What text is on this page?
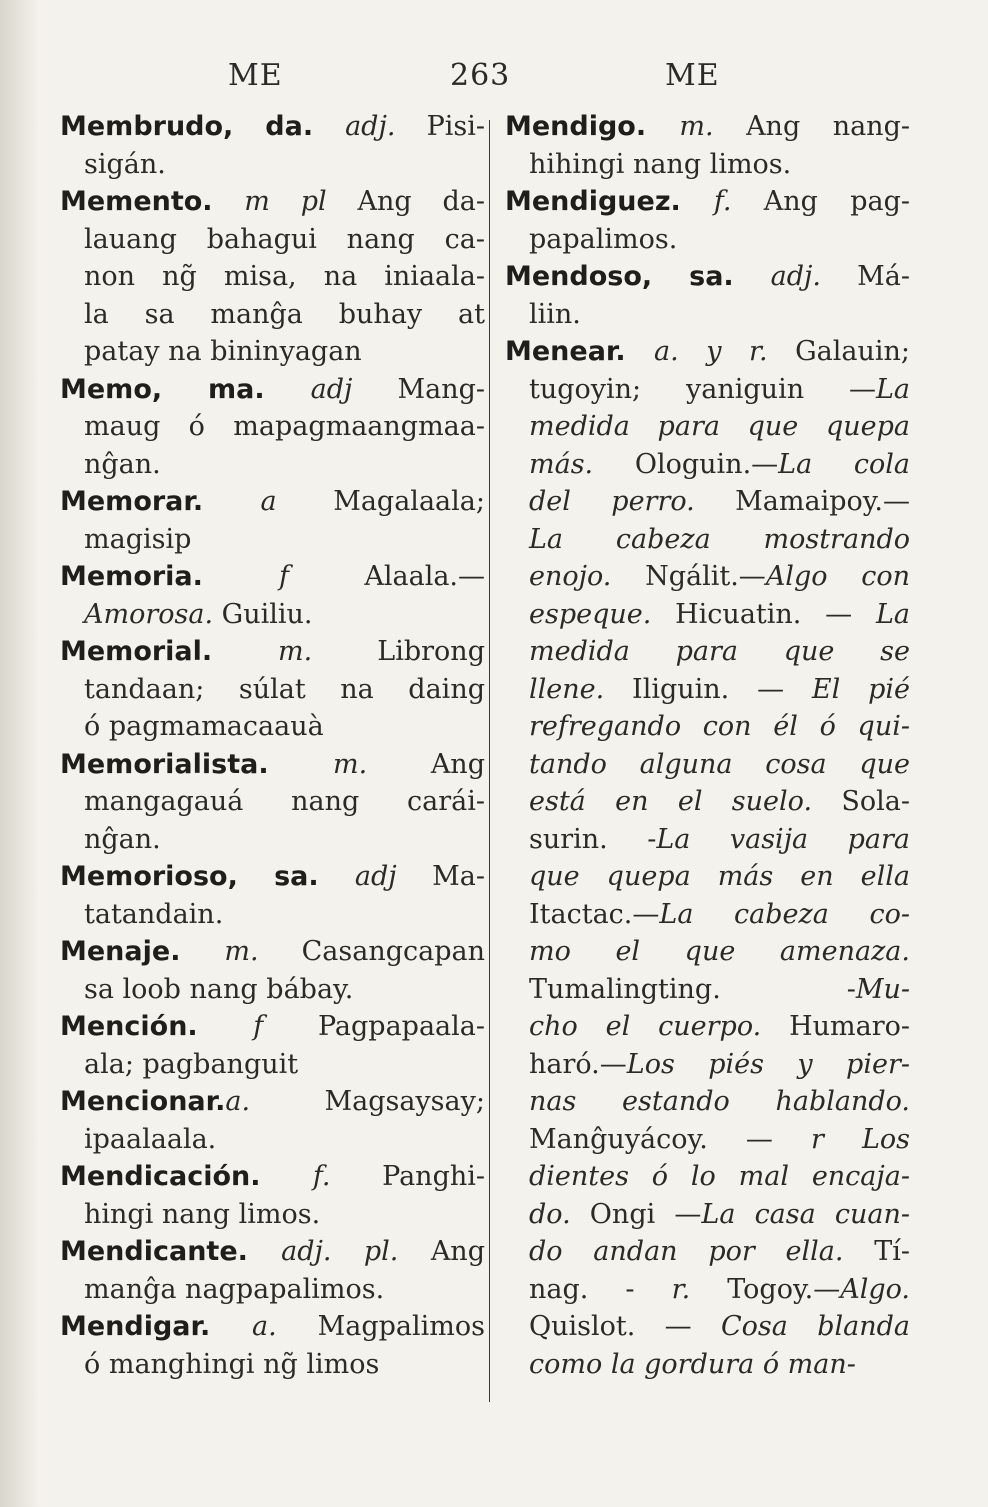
ME	263	ME
Membrudo, da. adj. Pisi-
sigán.
Memento. m pl Ang da-
lauang bahagui nang ca-
non ng̃ misa, na iniaala-
la sa manĝa buhay at
patay na bininyagan
Memo, ma. adj Mang-
maug ó mapagmaangmaa-
nĝan.
Memorar. a Magalaala;
magisip
Memoria. f Alaala.—
Amorosa. Guiliu.
Memorial. m. Librong
tandaan; súlat na daing
ó pagmamacaauà
Memorialista. m. Ang
mangagauá nang carái-
nĝan.
Memorioso, sa. adj Ma-
tatandain.
Menaje. m. Casangcapan
sa loob nang bábay.
Mención. f Pagpapaala-
ala; pagbanguit
Mencionar.a. Magsaysay;
ipaalaala.
Mendicación. f. Panghi-
hingi nang limos.
Mendicante. adj. pl. Ang
manĝa nagpapalimos.
Mendigar. a. Magpalimos
ó manghingi ng̃ limos
Mendigo. m. Ang nang-
hihingi nang limos.
Mendiguez. f. Ang pag-
papalimos.
Mendoso, sa. adj. Má-
liin.
Menear. a. y r. Galauin;
tugoyin; yaniguin —La
medida para que quepa
más. Ologuin.—La cola
del perro. Mamaipoy.—
La cabeza mostrando
enojo. Ngálit.—Algo con
espeque. Hicuatin. — La
medida para que se
llene. Iliguin. — El pié
refregando con él ó qui-
tando alguna cosa que
está en el suelo. Sola-
surin. -La vasija para
que quepa más en ella
Itactac.—La cabeza co-
mo el que amenaza.
Tumalingting. -Mu-
cho el cuerpo. Humaro-
haró.—Los piés y pier-
nas estando hablando.
Manĝuyácoy. — r Los
dientes ó lo mal encaja-
do. Ongi —La casa cuan-
do andan por ella. Tí-
nag. - r. Togoy.—Algo.
Quislot. — Cosa blanda
como la gordura ó man-
